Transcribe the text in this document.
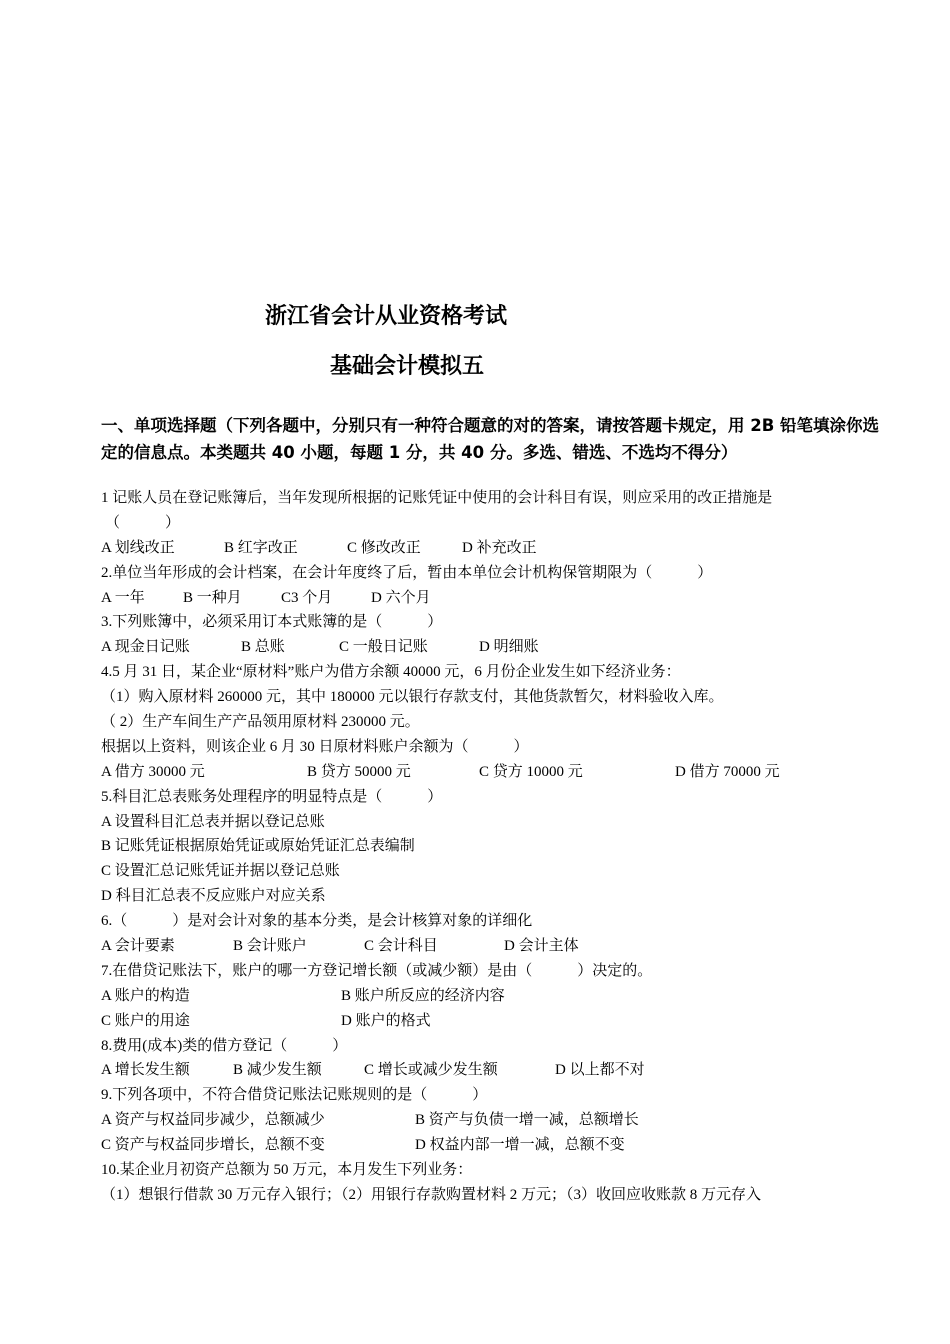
浙江省会计从业资格考试
基础会计模拟五
一、单项选择题（下列各题中，分别只有一种符合题意的对的答案，请按答题卡规定，用 2B 铅笔填涂你选定的信息点。本类题共 40 小题，每题 1 分，共 40 分。多选、错选、不选均不得分）
1 记账人员在登记账簿后，当年发现所根据的记账凭证中使用的会计科目有误，则应采用的改正措施是
（　　　）
A 划线改正	B 红字改正	C 修改改正	D 补充改正
2.单位当年形成的会计档案，在会计年度终了后，暂由本单位会计机构保管期限为（　　　）
A 一年	B 一种月	C3 个月	D 六个月
3.下列账簿中，必须采用订本式账簿的是（　　　）
A 现金日记账	B 总账	C 一般日记账	D 明细账
4.5 月 31 日，某企业“原材料”账户为借方余额 40000 元，6 月份企业发生如下经济业务：
（1）购入原材料 260000 元，其中 180000 元以银行存款支付，其他货款暂欠，材料验收入库。
（ 2）生产车间生产产品领用原材料 230000 元。
根据以上资料，则该企业 6 月 30 日原材料账户余额为（　　　）
A 借方 30000 元	B 贷方 50000 元	C 贷方 10000 元	D 借方 70000 元
5.科目汇总表账务处理程序的明显特点是（　　　）
A 设置科目汇总表并据以登记总账
B 记账凭证根据原始凭证或原始凭证汇总表编制
C 设置汇总记账凭证并据以登记总账
D 科目汇总表不反应账户对应关系
6.（　　　）是对会计对象的基本分类，是会计核算对象的详细化
A 会计要素	B 会计账户	C 会计科目	D 会计主体
7.在借贷记账法下，账户的哪一方登记增长额（或减少额）是由（　　　）决定的。
A 账户的构造	B 账户所反应的经济内容
C 账户的用途	D 账户的格式
8.费用(成本)类的借方登记（　　　）
A 增长发生额	B 减少发生额	C 增长或减少发生额	D 以上都不对
9.下列各项中，不符合借贷记账法记账规则的是（　　　）
A 资产与权益同步减少，总额减少	B 资产与负债一增一减，总额增长
C 资产与权益同步增长，总额不变	D 权益内部一增一减，总额不变
10.某企业月初资产总额为 50 万元，本月发生下列业务：
（1）想银行借款 30 万元存入银行；（2）用银行存款购置材料 2 万元；（3）收回应收账款 8 万元存入
